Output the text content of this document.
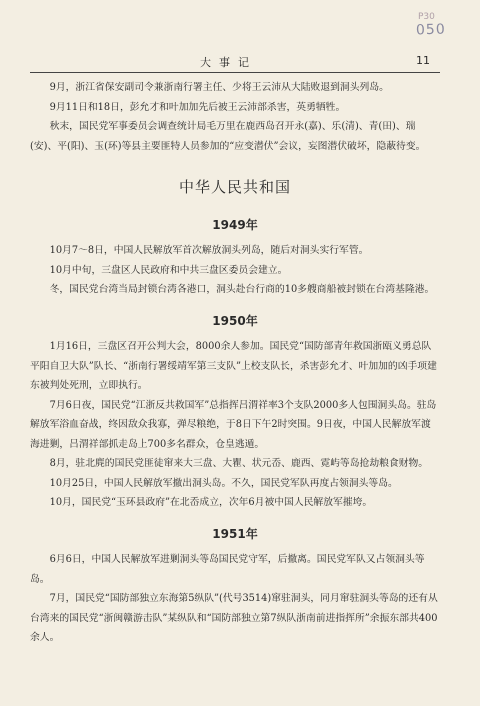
P30
050
大事记	11

9月，浙江省保安副司令兼浙南行署主任、少将王云沛从大陆败退到洞头列岛。

9月11日和18日，彭允才和叶加加先后被王云沛部杀害，英勇牺牲。

秋末，国民党军事委员会调查统计局毛万里在鹿西岛召开永(嘉)、乐(清)、青(田)、瑞(安)、平(阳)、玉(环)等县主要匪特人员参加的“应变潜伏”会议，妄图潜伏破坏，隐蔽待变。

中华人民共和国

1949年

10月7～8日，中国人民解放军首次解放洞头列岛，随后对洞头实行军管。

10月中旬，三盘区人民政府和中共三盘区委员会建立。

冬，国民党台湾当局封锁台湾各港口，洞头赴台行商的10多艘商船被封锁在台湾基隆港。

1950年

1月16日，三盘区召开公判大会，8000余人参加。国民党“国防部青年救国浙瓯义勇总队平阳自卫大队”队长、“浙南行署绥靖军第三支队”上校支队长，杀害彭允才、叶加加的凶手项建东被判处死刑，立即执行。

7月6日夜，国民党“江浙反共救国军”总指挥吕渭祥率3个支队2000多人包围洞头岛。驻岛解放军浴血奋战，终因敌众我寡，弹尽粮绝，于8日下午2时突围。9日夜，中国人民解放军渡海进剿，吕渭祥部抓走岛上700多名群众，仓皇逃遁。

8月，驻北麂的国民党匪徒窜来大三盘、大瞿、状元岙、鹿西、霓屿等岛抢劫粮食财物。

10月25日，中国人民解放军撤出洞头岛。不久，国民党军队再度占领洞头等岛。

10月，国民党“玉环县政府”在北岙成立，次年6月被中国人民解放军摧垮。

1951年

6月6日，中国人民解放军进剿洞头等岛国民党守军，后撤离。国民党军队又占领洞头等岛。

7月，国民党“国防部独立东海第5纵队”(代号3514)窜驻洞头，同月窜驻洞头等岛的还有从台湾来的国民党“浙闽赣游击队”某纵队和“国防部独立第7纵队浙南前进指挥所”余振东部共400余人。
